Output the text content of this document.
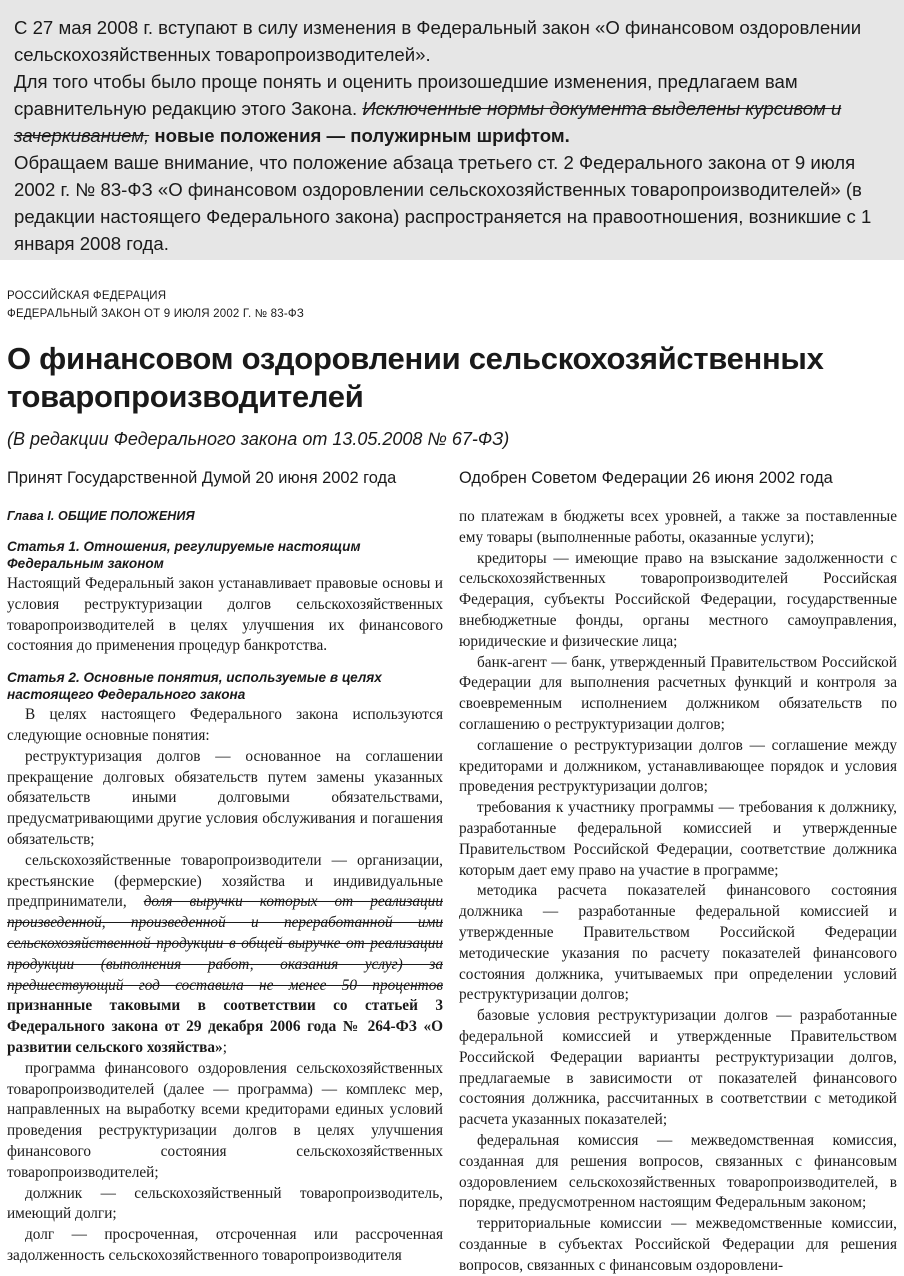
С 27 мая 2008 г. вступают в силу изменения в Федеральный закон «О финансовом оздоровлении сельскохозяйственных товаропроизводителей».

Для того чтобы было проще понять и оценить произошедшие изменения, предлагаем вам сравнительную редакцию этого Закона. Исключенные нормы документа выделены курсивом и зачеркиванием, новые положения — полужирным шрифтом.

Обращаем ваше внимание, что положение абзаца третьего ст. 2 Федерального закона от 9 июля 2002 г. № 83-ФЗ «О финансовом оздоровлении сельскохозяйственных товаропроизводителей» (в редакции настоящего Федерального закона) распространяется на правоотношения, возникшие с 1 января 2008 года.

РОССИЙСКАЯ ФЕДЕРАЦИЯ
ФЕДЕРАЛЬНЫЙ ЗАКОН ОТ 9 ИЮЛЯ 2002 Г. № 83-ФЗ
О финансовом оздоровлении сельскохозяйственных товаропроизводителей
(В редакции Федерального закона от 13.05.2008 № 67-ФЗ)
Принят Государственной Думой 20 июня 2002 года	Одобрен Советом Федерации 26 июня 2002 года
Глава I. ОБЩИЕ ПОЛОЖЕНИЯ
Статья 1. Отношения, регулируемые настоящим Федеральным законом

Настоящий Федеральный закон устанавливает правовые основы и условия реструктуризации долгов сельскохозяйственных товаропроизводителей в целях улучшения их финансового состояния до применения процедур банкротства.

Статья 2. Основные понятия, используемые в целях настоящего Федерального закона

В целях настоящего Федерального закона используются следующие основные понятия:

реструктуризация долгов — основанное на соглашении прекращение долговых обязательств путем замены указанных обязательств иными долговыми обязательствами, предусматривающими другие условия обслуживания и погашения обязательств;

сельскохозяйственные товаропроизводители — организации, крестьянские (фермерские) хозяйства и индивидуальные предприниматели, доля выручки которых от реализации произведенной, произведенной и переработанной ими сельскохозяйственной продукции в общей выручке от реализации продукции (выполнения работ, оказания услуг) за предшествующий год составила не менее 50 процентов признанные таковыми в соответствии со статьей 3 Федерального закона от 29 декабря 2006 года № 264-ФЗ «О развитии сельского хозяйства»;

программа финансового оздоровления сельскохозяйственных товаропроизводителей (далее — программа) — комплекс мер, направленных на выработку всеми кредиторами единых условий проведения реструктуризации долгов в целях улучшения финансового состояния сельскохозяйственных товаропроизводителей;

должник — сельскохозяйственный товаропроизводитель, имеющий долги;

долг — просроченная, отсроченная или рассроченная задолженность сельскохозяйственного товаропроизводителя

по платежам в бюджеты всех уровней, а также за поставленные ему товары (выполненные работы, оказанные услуги);

кредиторы — имеющие право на взыскание задолженности с сельскохозяйственных товаропроизводителей Российская Федерация, субъекты Российской Федерации, государственные внебюджетные фонды, органы местного самоуправления, юридические и физические лица;

банк-агент — банк, утвержденный Правительством Российской Федерации для выполнения расчетных функций и контроля за своевременным исполнением должником обязательств по соглашению о реструктуризации долгов;

соглашение о реструктуризации долгов — соглашение между кредиторами и должником, устанавливающее порядок и условия проведения реструктуризации долгов;

требования к участнику программы — требования к должнику, разработанные федеральной комиссией и утвержденные Правительством Российской Федерации, соответствие должника которым дает ему право на участие в программе;

методика расчета показателей финансового состояния должника — разработанные федеральной комиссией и утвержденные Правительством Российской Федерации методические указания по расчету показателей финансового состояния должника, учитываемых при определении условий реструктуризации долгов;

базовые условия реструктуризации долгов — разработанные федеральной комиссией и утвержденные Правительством Российской Федерации варианты реструктуризации долгов, предлагаемые в зависимости от показателей финансового состояния должника, рассчитанных в соответствии с методикой расчета указанных показателей;

федеральная комиссия — межведомственная комиссия, созданная для решения вопросов, связанных с финансовым оздоровлением сельскохозяйственных товаропроизводителей, в порядке, предусмотренном настоящим Федеральным законом;

территориальные комиссии — межведомственные комиссии, созданные в субъектах Российской Федерации для решения вопросов, связанных с финансовым оздоровлени-
